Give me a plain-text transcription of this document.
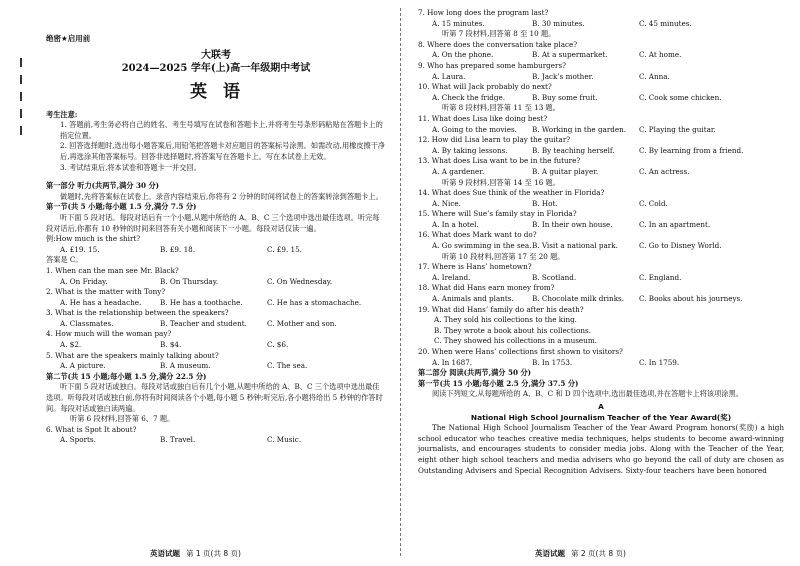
绝密★启用前
大联考
2024—2025 学年(上)高一年级期中考试
英语
考生注意:

1. 答题前,考生务必将自己的姓名、考生号填写在试卷和答题卡上,并将考生号条形码粘贴在答题卡上的指定位置。

2. 回答选择题时,选出每小题答案后,用铅笔把答题卡对应题目的答案标号涂黑。如需改动,用橡皮擦干净后,再选涂其他答案标号。回答非选择题时,将答案写在答题卡上。写在本试卷上无效。

3. 考试结束后,将本试卷和答题卡一并交回。

第一部分 听力(共两节,满分 30 分)

做题时,先将答案标在试卷上。录音内容结束后,你将有 2 分钟的时间将试卷上的答案转涂到答题卡上。

第一节(共 5 小题;每小题 1.5 分,满分 7.5 分)

听下面 5 段对话。每段对话后有一个小题,从题中所给的 A、B、C 三个选项中选出最佳选项。听完每段对话后,你都有 10 秒钟的时间来回答有关小题和阅读下一小题。每段对话仅读一遍。

例:How much is the shirt?

A. £19. 15.	B. £9. 18.	C. £9. 15.

答案是 C。

1. When can the man see Mr. Black?

A. On Friday.	B. On Thursday.	C. On Wednesday.

2. What is the matter with Tony?

A. He has a headache.	B. He has a toothache.	C. He has a stomachache.

3. What is the relationship between the speakers?

A. Classmates.	B. Teacher and student.	C. Mother and son.

4. How much will the woman pay?

A. $2.	B. $4.	C. $6.

5. What are the speakers mainly talking about?

A. A picture.	B. A museum.	C. The sea.
第二节(共 15 小题;每小题 1.5 分,满分 22.5 分)

听下面 5 段对话或独白。每段对话或独白后有几个小题,从题中所给的 A、B、C 三个选项中选出最佳选项。听每段对话或独白前,你将有时间阅读各个小题,每小题 5 秒钟;听完后,各小题将给出 5 秒钟的作答时间。每段对话或独白读两遍。

听第 6 段材料,回答第 6、7 题。

6. What is Spot It about?

A. Sports.	B. Travel.	C. Music.
英语试题 第 1 页(共 8 页)

7. How long does the program last?

A. 15 minutes.	B. 30 minutes.	C. 45 minutes.

听第 7 段材料,回答第 8 至 10 题。

8. Where does the conversation take place?

A. On the phone.	B. At a supermarket.	C. At home.

9. Who has prepared some hamburgers?

A. Laura.	B. Jack’s mother.	C. Anna.

10. What will Jack probably do next?

A. Check the fridge.	B. Buy some fruit.	C. Cook some chicken.

听第 8 段材料,回答第 11 至 13 题。

11. What does Lisa like doing best?

A. Going to the movies.	B. Working in the garden.	C. Playing the guitar.

12. How did Lisa learn to play the guitar?

A. By taking lessons.	B. By teaching herself.	C. By learning from a friend.

13. What does Lisa want to be in the future?

A. A gardener.	B. A guitar player.	C. An actress.

听第 9 段材料,回答第 14 至 16 题。

14. What does Sue think of the weather in Florida?

A. Nice.	B. Hot.	C. Cold.

15. Where will Sue’s family stay in Florida?

A. In a hotel.	B. In their own house.	C. In an apartment.

16. What does Mark want to do?

A. Go swimming in the sea. B. Visit a national park.	C. Go to Disney World.

听第 10 段材料,回答第 17 至 20 题。

17. Where is Hans’ hometown?

A. Ireland.	B. Scotland.	C. England.

18. What did Hans earn money from?

A. Animals and plants.	B. Chocolate milk drinks.	C. Books about his journeys.

19. What did Hans’ family do after his death?

A. They sold his collections to the king.

B. They wrote a book about his collections.

C. They showed his collections in a museum.

20. When were Hans’ collections first shown to visitors?

A. In 1687.	B. In 1753.	C. In 1759.
第二部分 阅读(共两节,满分 50 分)
第一节(共 15 小题;每小题 2.5 分,满分 37.5 分)

阅读下列短文,从每题所给的 A、B、C 和 D 四个选项中,选出最佳选项,并在答题卡上将该项涂黑。

A
National High School Journalism Teacher of the Year Award(奖)

The National High School Journalism Teacher of the Year Award Program honors(奖励) a high school educator who teaches creative media techniques, helps students to become award-winning journalists, and encourages students to consider media jobs. Along with the Teacher of the Year, eight other high school teachers and media advisers who go beyond the call of duty are chosen as Outstanding Advisers and Special Recognition Advisers. Sixty-four teachers have been honored

英语试题 第 2 页(共 8 页)
